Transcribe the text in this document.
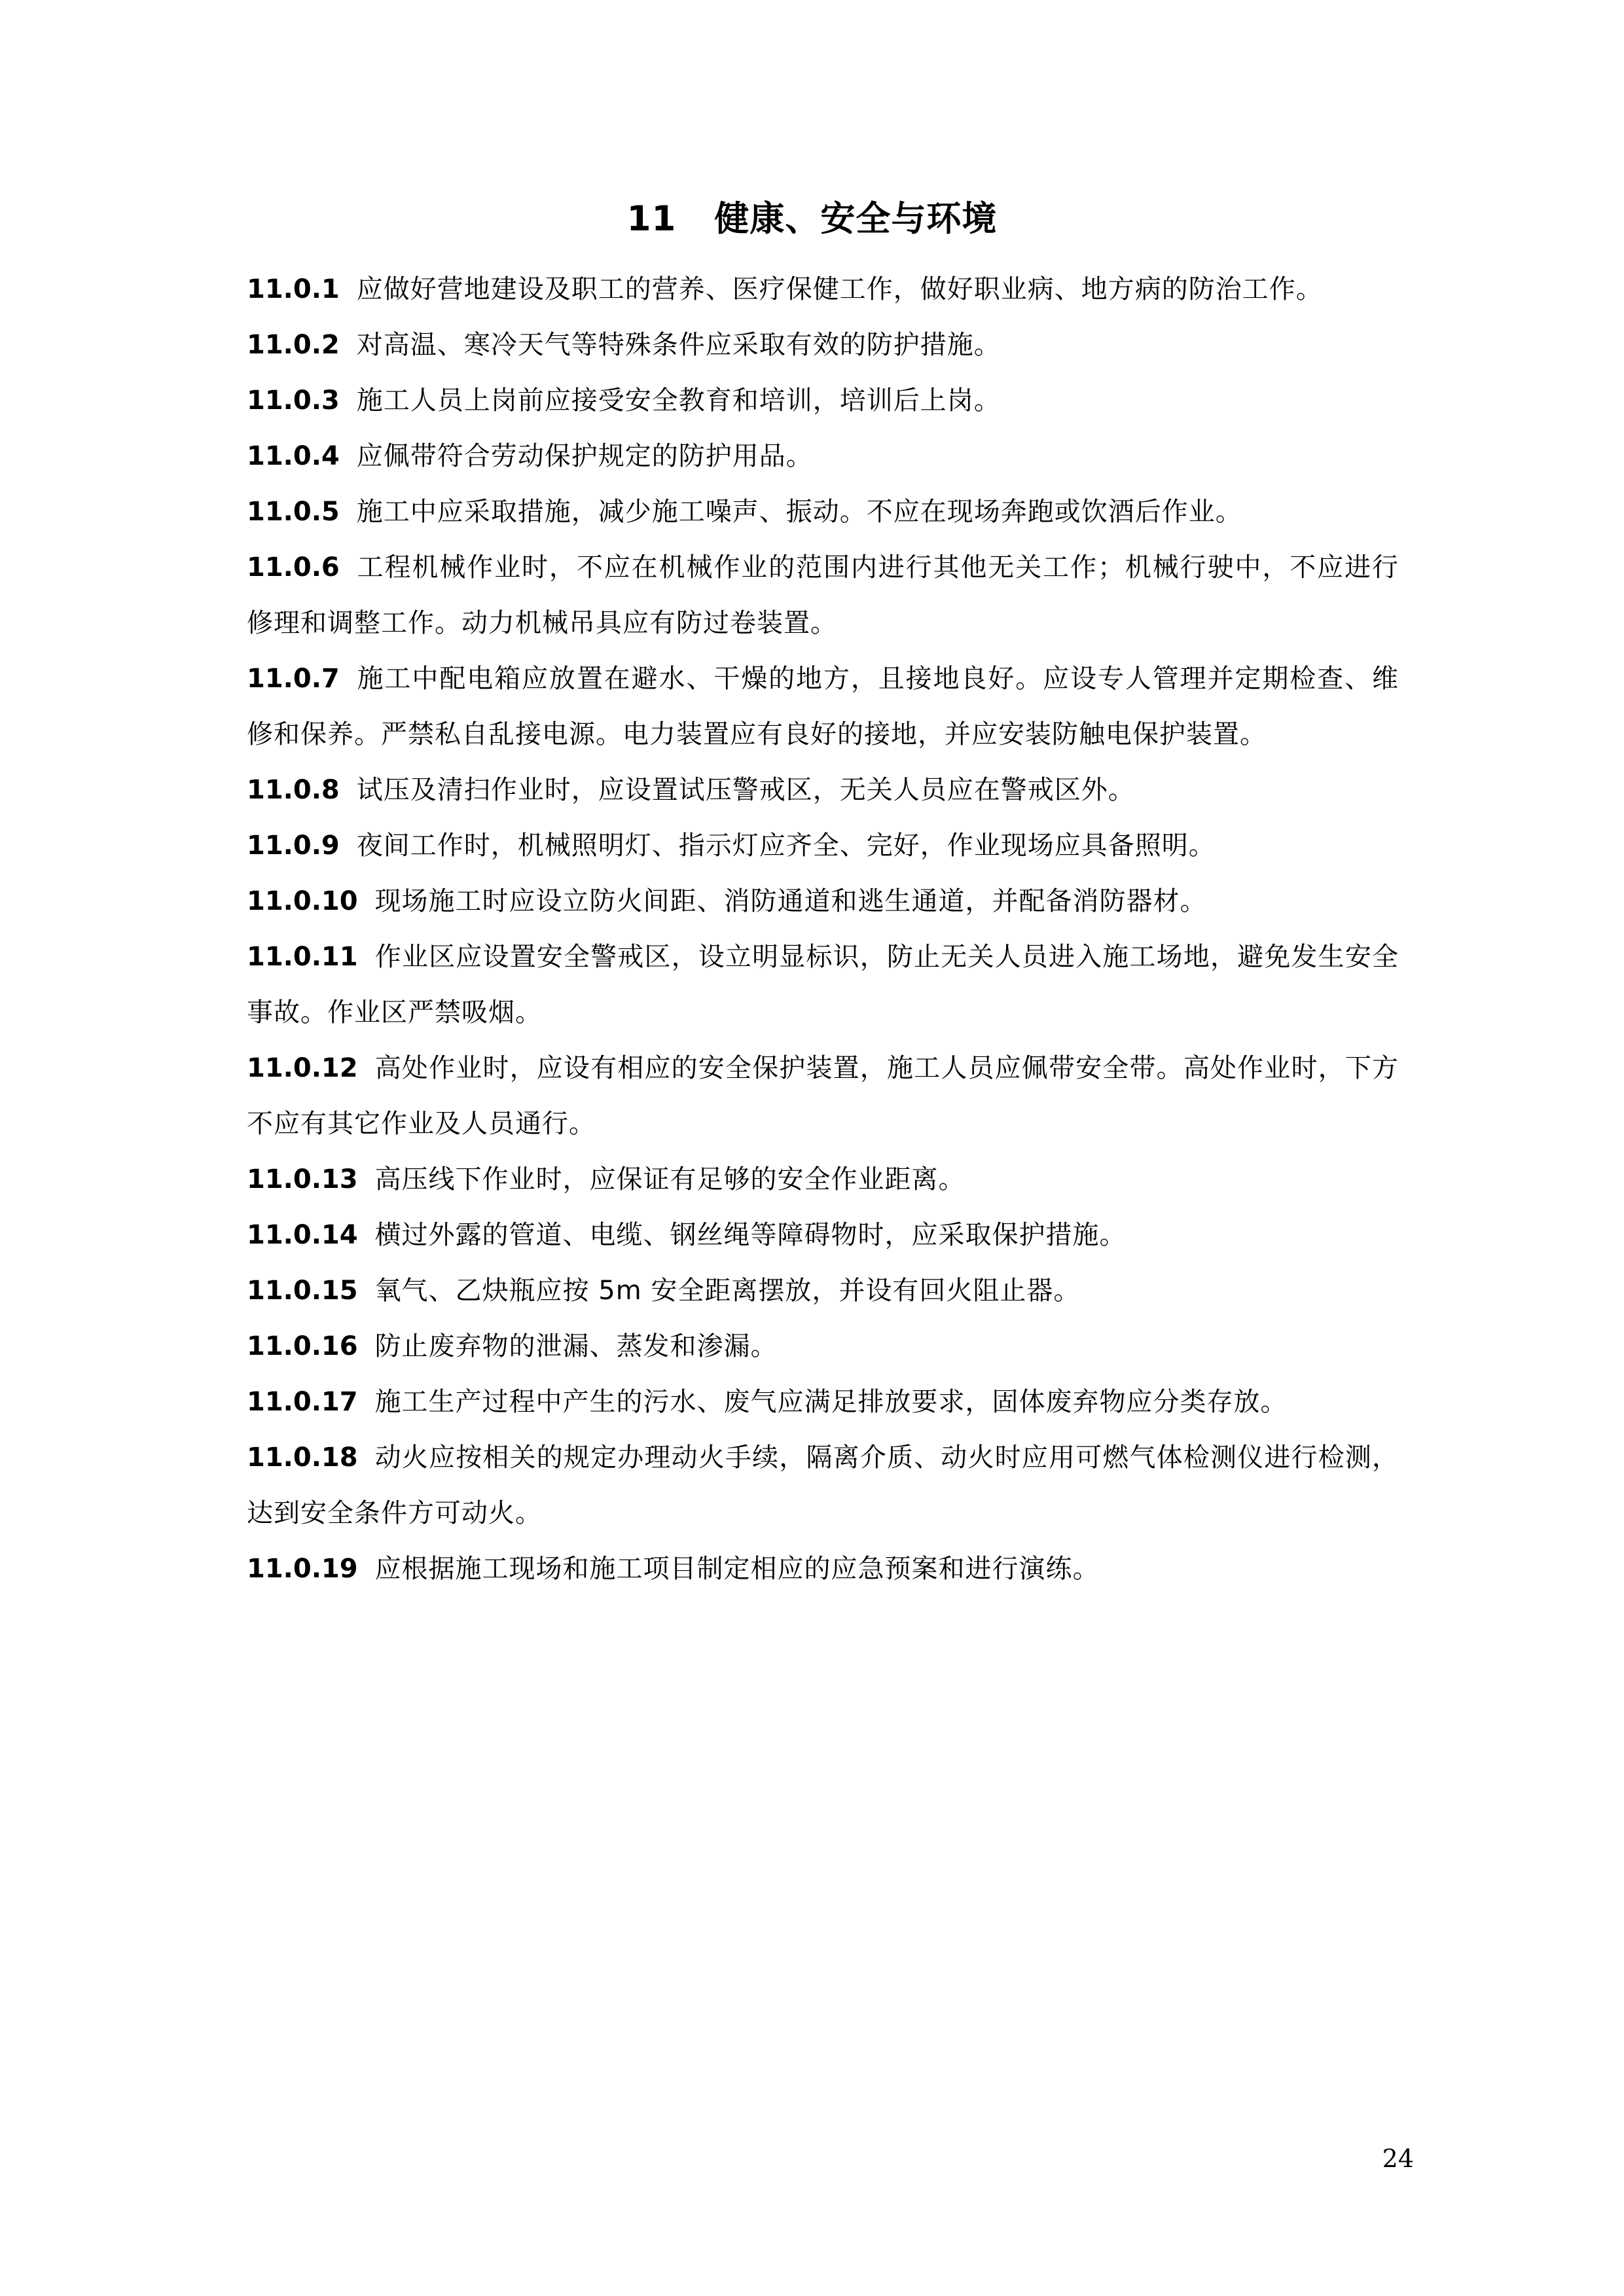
11 健康、安全与环境
11.0.1 应做好营地建设及职工的营养、医疗保健工作，做好职业病、地方病的防治工作。
11.0.2 对高温、寒冷天气等特殊条件应采取有效的防护措施。
11.0.3 施工人员上岗前应接受安全教育和培训，培训后上岗。
11.0.4 应佩带符合劳动保护规定的防护用品。
11.0.5 施工中应采取措施，减少施工噪声、振动。不应在现场奔跑或饮酒后作业。
11.0.6 工程机械作业时，不应在机械作业的范围内进行其他无关工作；机械行驶中，不应进行修理和调整工作。动力机械吊具应有防过卷装置。
11.0.7 施工中配电箱应放置在避水、干燥的地方，且接地良好。应设专人管理并定期检查、维修和保养。严禁私自乱接电源。电力装置应有良好的接地，并应安装防触电保护装置。
11.0.8 试压及清扫作业时，应设置试压警戒区，无关人员应在警戒区外。
11.0.9 夜间工作时，机械照明灯、指示灯应齐全、完好，作业现场应具备照明。
11.0.10 现场施工时应设立防火间距、消防通道和逃生通道，并配备消防器材。
11.0.11 作业区应设置安全警戒区，设立明显标识，防止无关人员进入施工场地，避免发生安全事故。作业区严禁吸烟。
11.0.12 高处作业时，应设有相应的安全保护装置，施工人员应佩带安全带。高处作业时，下方不应有其它作业及人员通行。
11.0.13 高压线下作业时，应保证有足够的安全作业距离。
11.0.14 横过外露的管道、电缆、钢丝绳等障碍物时，应采取保护措施。
11.0.15 氧气、乙炔瓶应按 5m 安全距离摆放，并设有回火阻止器。
11.0.16 防止废弃物的泄漏、蒸发和渗漏。
11.0.17 施工生产过程中产生的污水、废气应满足排放要求，固体废弃物应分类存放。
11.0.18 动火应按相关的规定办理动火手续，隔离介质、动火时应用可燃气体检测仪进行检测，达到安全条件方可动火。
11.0.19 应根据施工现场和施工项目制定相应的应急预案和进行演练。
24
